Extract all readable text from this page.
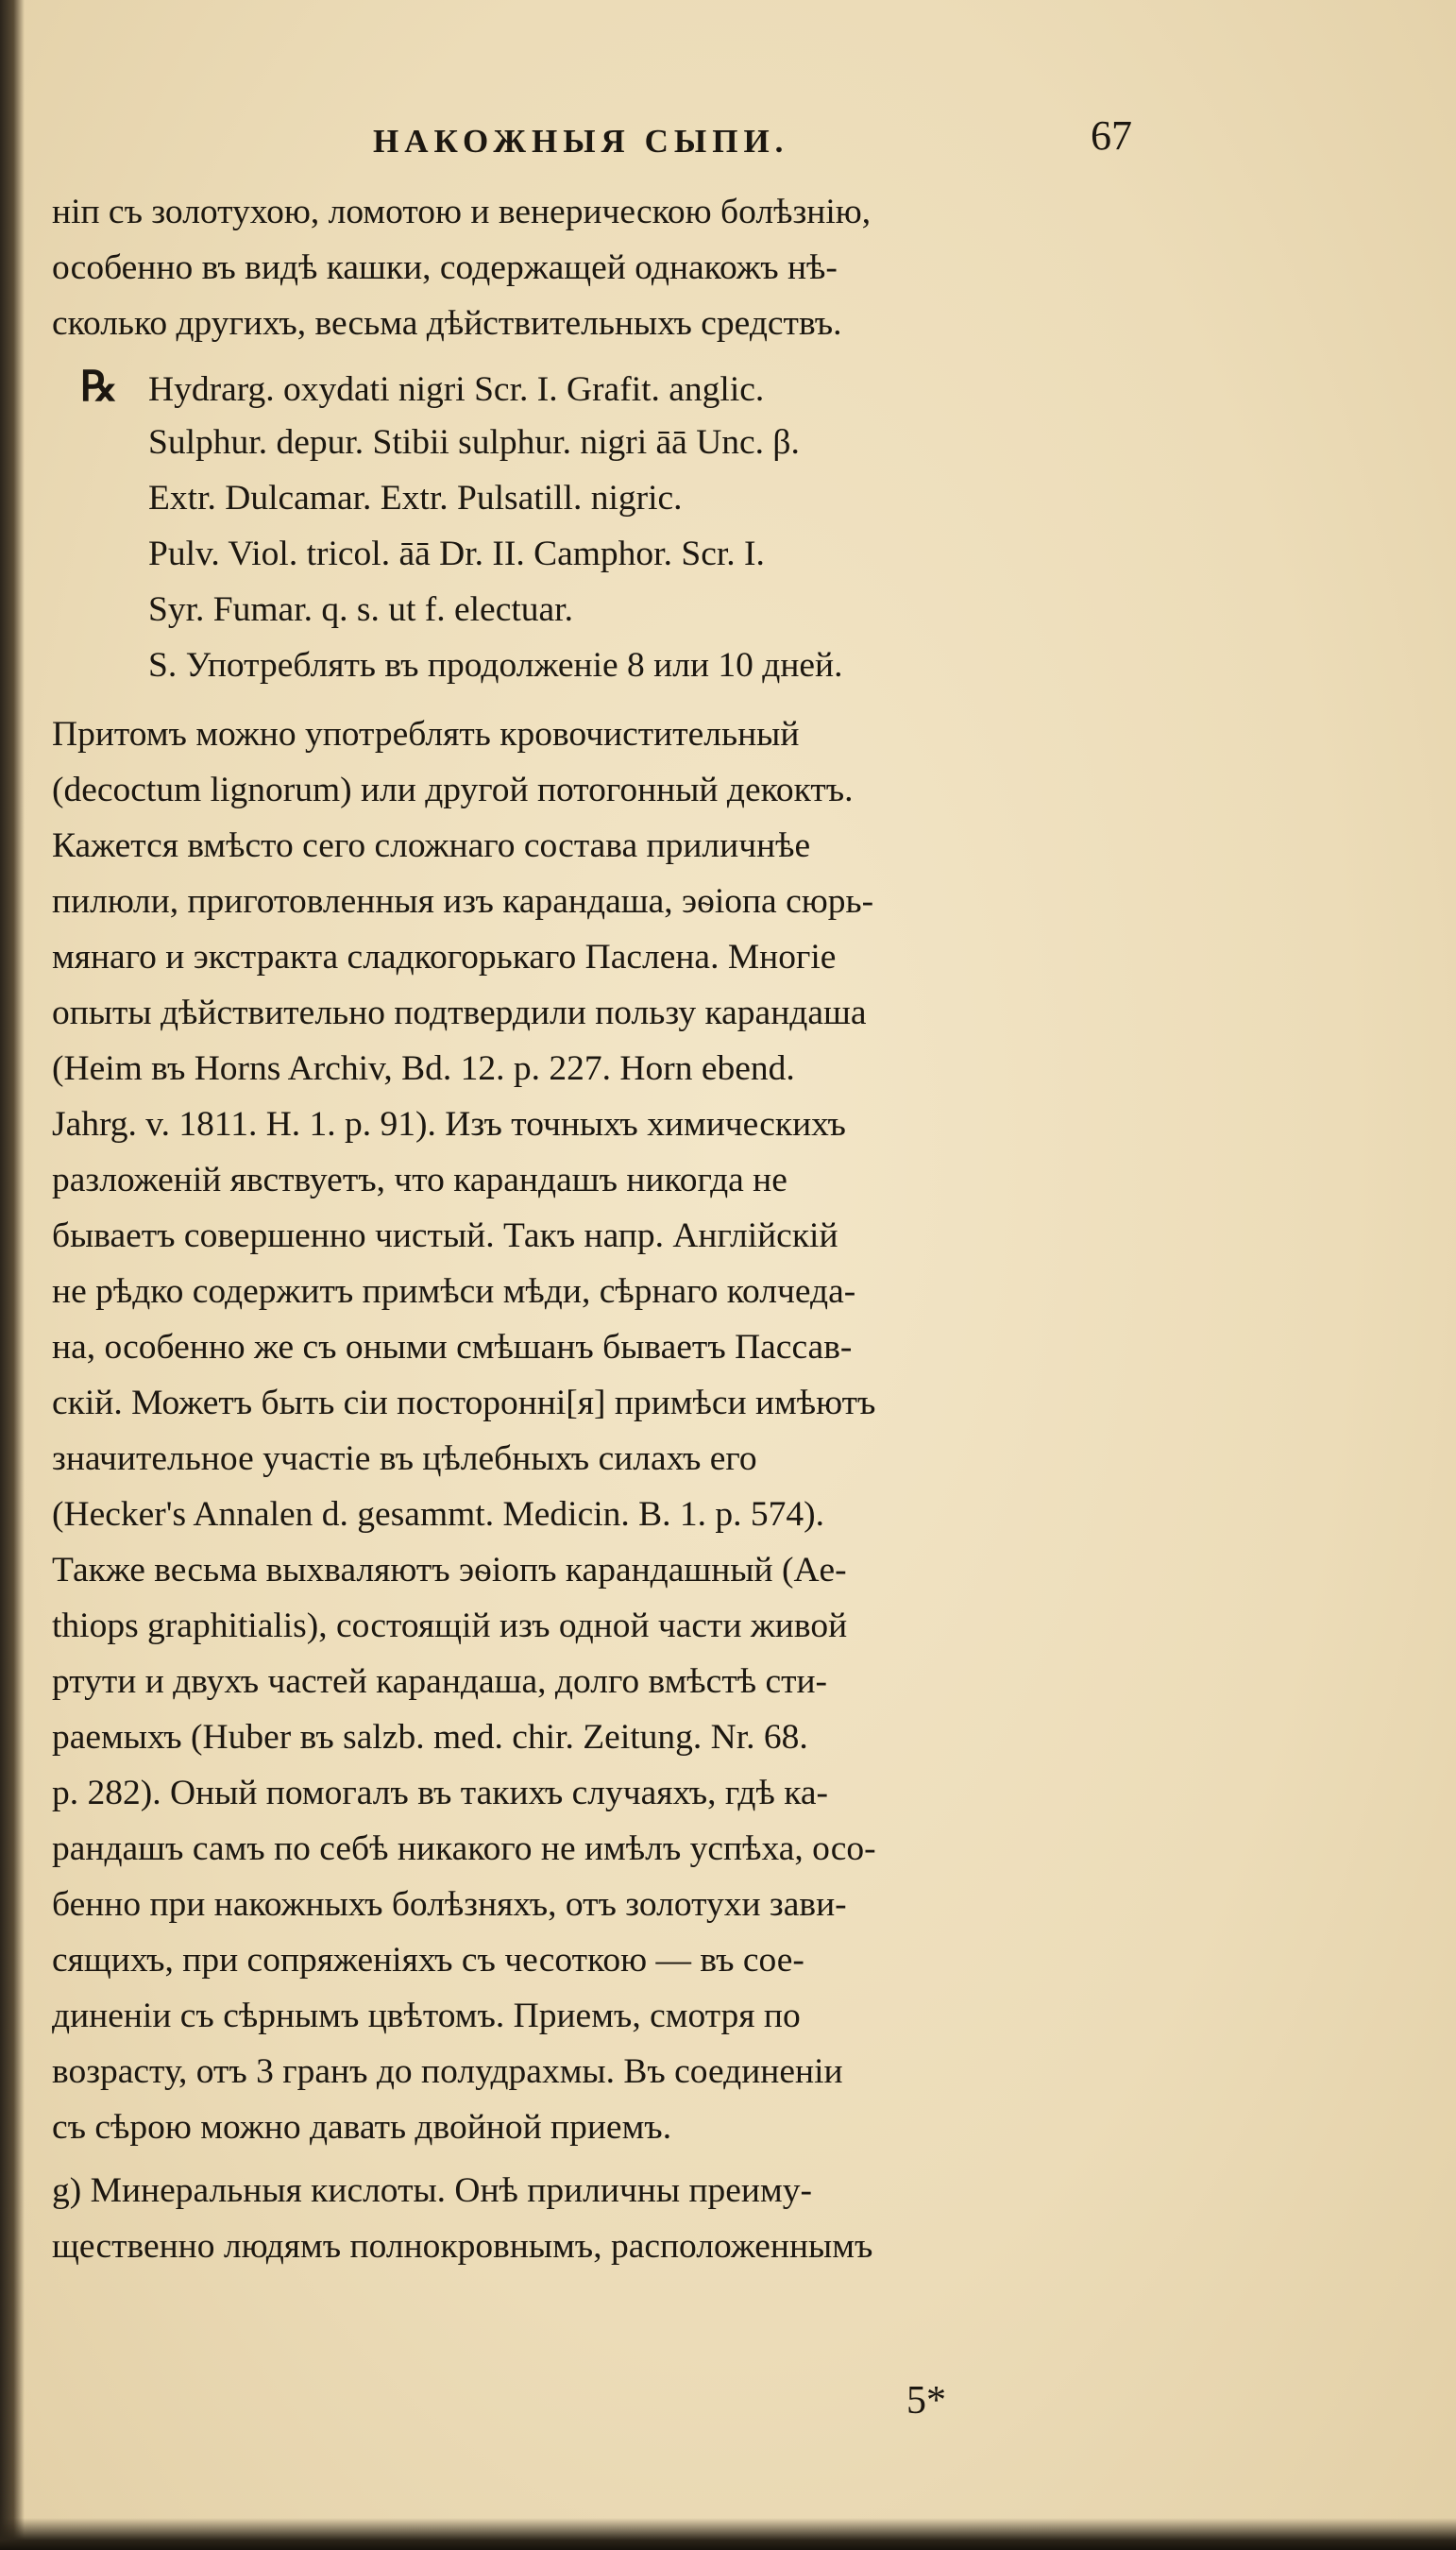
НАКОЖНЫЯ СЫПИ.	67
ніп съ золотухою, ломотою и венерическою болѣзнію,
особенно въ видѣ кашки, содержащей однакожъ нѣ-
сколько другихъ, весьма дѣйствительныхъ средствъ.
℞ Hydrarg. oxydati nigri Scr. I. Grafit. anglic.
Sulphur. depur. Stibii sulphur. nigri āā Unc. β.
Extr. Dulcamar. Extr. Pulsatill. nigric.
Pulv. Viol. tricol. āā Dr. II. Camphor. Scr. I.
Syr. Fumar. q. s. ut f. electuar.
S. Употреблять въ продолженіе 8 или 10 дней.
Притомъ можно употреблять кровочистительный
(decoctum lignorum) или другой потогонный декоктъ.
Кажется вмѣсто сего сложнаго состава приличнѣе
пилюли, приготовленныя изъ карандаша, эѳіопа сюрь-
мянаго и экстракта сладкогорькаго Паслена. Многіе
опыты дѣйствительно подтвердили пользу карандаша
(Heim въ Horns Archiv, Bd. 12. p. 227. Horn ebend.
Jahrg. v. 1811. H. 1. p. 91). Изъ точныхъ химическихъ
разложеній явствуетъ, что карандашъ никогда не
бываетъ совершенно чистый. Такъ напр. Англійскій
не рѣдко содержитъ примѣси мѣди, сѣрнаго колчеда-
на, особенно же съ оными смѣшанъ бываетъ Пассав-
скій. Можетъ быть сіи посторонні[я] примѣси имѣютъ
значительное участіе въ цѣлебныхъ силахъ его
(Hecker's Annalen d. gesammt. Medicin. B. 1. p. 574).
Также весьма выхваляютъ эѳіопъ карандашный (Ae-
thiops graphitialis), состоящій изъ одной части живой
ртути и двухъ частей карандаша, долго вмѣстѣ сти-
раемыхъ (Huber въ salzb. med. chir. Zeitung. Nr. 68.
p. 282). Оный помогалъ въ такихъ случаяхъ, гдѣ ка-
рандашъ самъ по себѣ никакого не имѣлъ успѣха, осо-
бенно при накожныхъ болѣзняхъ, отъ золотухи зави-
сящихъ, при сопряженіяхъ съ чесоткою — въ сое-
диненіи съ сѣрнымъ цвѣтомъ. Приемъ, смотря по
возрасту, отъ 3 гранъ до полудрахмы. Въ соединеніи
съ сѣрою можно давать двойной приемъ.
g) Минеральныя кислоты. Онѣ приличны преиму-
щественно людямъ полнокровнымъ, расположеннымъ
5*
